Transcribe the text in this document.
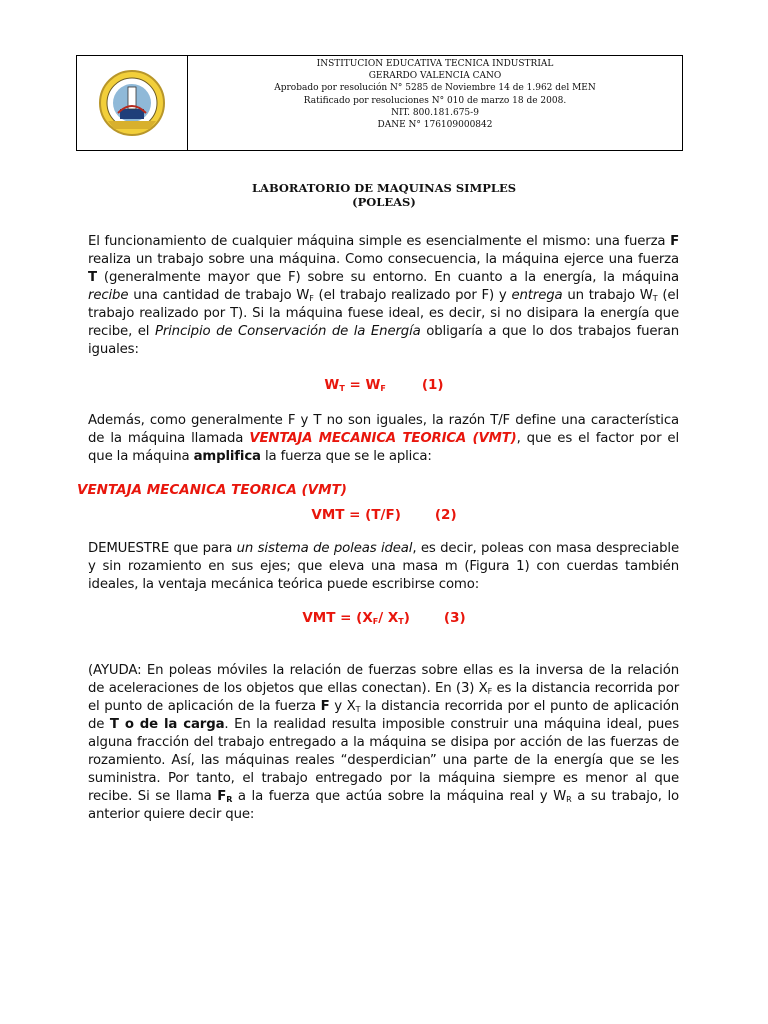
INSTITUCION EDUCATIVA TECNICA INDUSTRIAL
GERARDO VALENCIA CANO
Aprobado por resolución N° 5285 de Noviembre 14 de 1.962 del MEN
Ratificado por resoluciones N° 010 de marzo 18 de 2008.
NIT. 800.181.675-9
DANE N° 176109000842
LABORATORIO DE MAQUINAS SIMPLES
(POLEAS)
El funcionamiento de cualquier máquina simple es esencialmente el mismo: una fuerza F realiza un trabajo sobre una máquina. Como consecuencia, la máquina ejerce una fuerza T (generalmente mayor que F) sobre su entorno. En cuanto a la energía, la máquina recibe una cantidad de trabajo $W_F$ (el trabajo realizado por F) y entrega un trabajo $W_T$ (el trabajo realizado por T). Si la máquina fuese ideal, es decir, si no disipara la energía que recibe, el Principio de Conservación de la Energía obligaría a que lo dos trabajos fueran iguales:
$W_T = W_F$	(1)
Además, como generalmente F y T no son iguales, la razón T/F define una característica de la máquina llamada VENTAJA MECANICA TEORICA (VMT), que es el factor por el que la máquina amplifica la fuerza que se le aplica:
VENTAJA MECANICA TEORICA (VMT)
VMT = (T/F)	(2)
DEMUESTRE que para un sistema de poleas ideal, es decir, poleas con masa despreciable y sin rozamiento en sus ejes; que eleva una masa m (Figura 1) con cuerdas también ideales, la ventaja mecánica teórica puede escribirse como:
VMT = ($X_F/$ $X_T$)	(3)
(AYUDA: En poleas móviles la relación de fuerzas sobre ellas es la inversa de la relación de aceleraciones de los objetos que ellas conectan). En (3) $X_F$ es la distancia recorrida por el punto de aplicación de la fuerza F y $X_T$ la distancia recorrida por el punto de aplicación de T o de la carga. En la realidad resulta imposible construir una máquina ideal, pues alguna fracción del trabajo entregado a la máquina se disipa por acción de las fuerzas de rozamiento. Así, las máquinas reales “desperdician” una parte de la energía que se les suministra. Por tanto, el trabajo entregado por la máquina siempre es menor al que recibe. Si se llama $F_R$ a la fuerza que actúa sobre la máquina real y $W_R$ a su trabajo, lo anterior quiere decir que:
